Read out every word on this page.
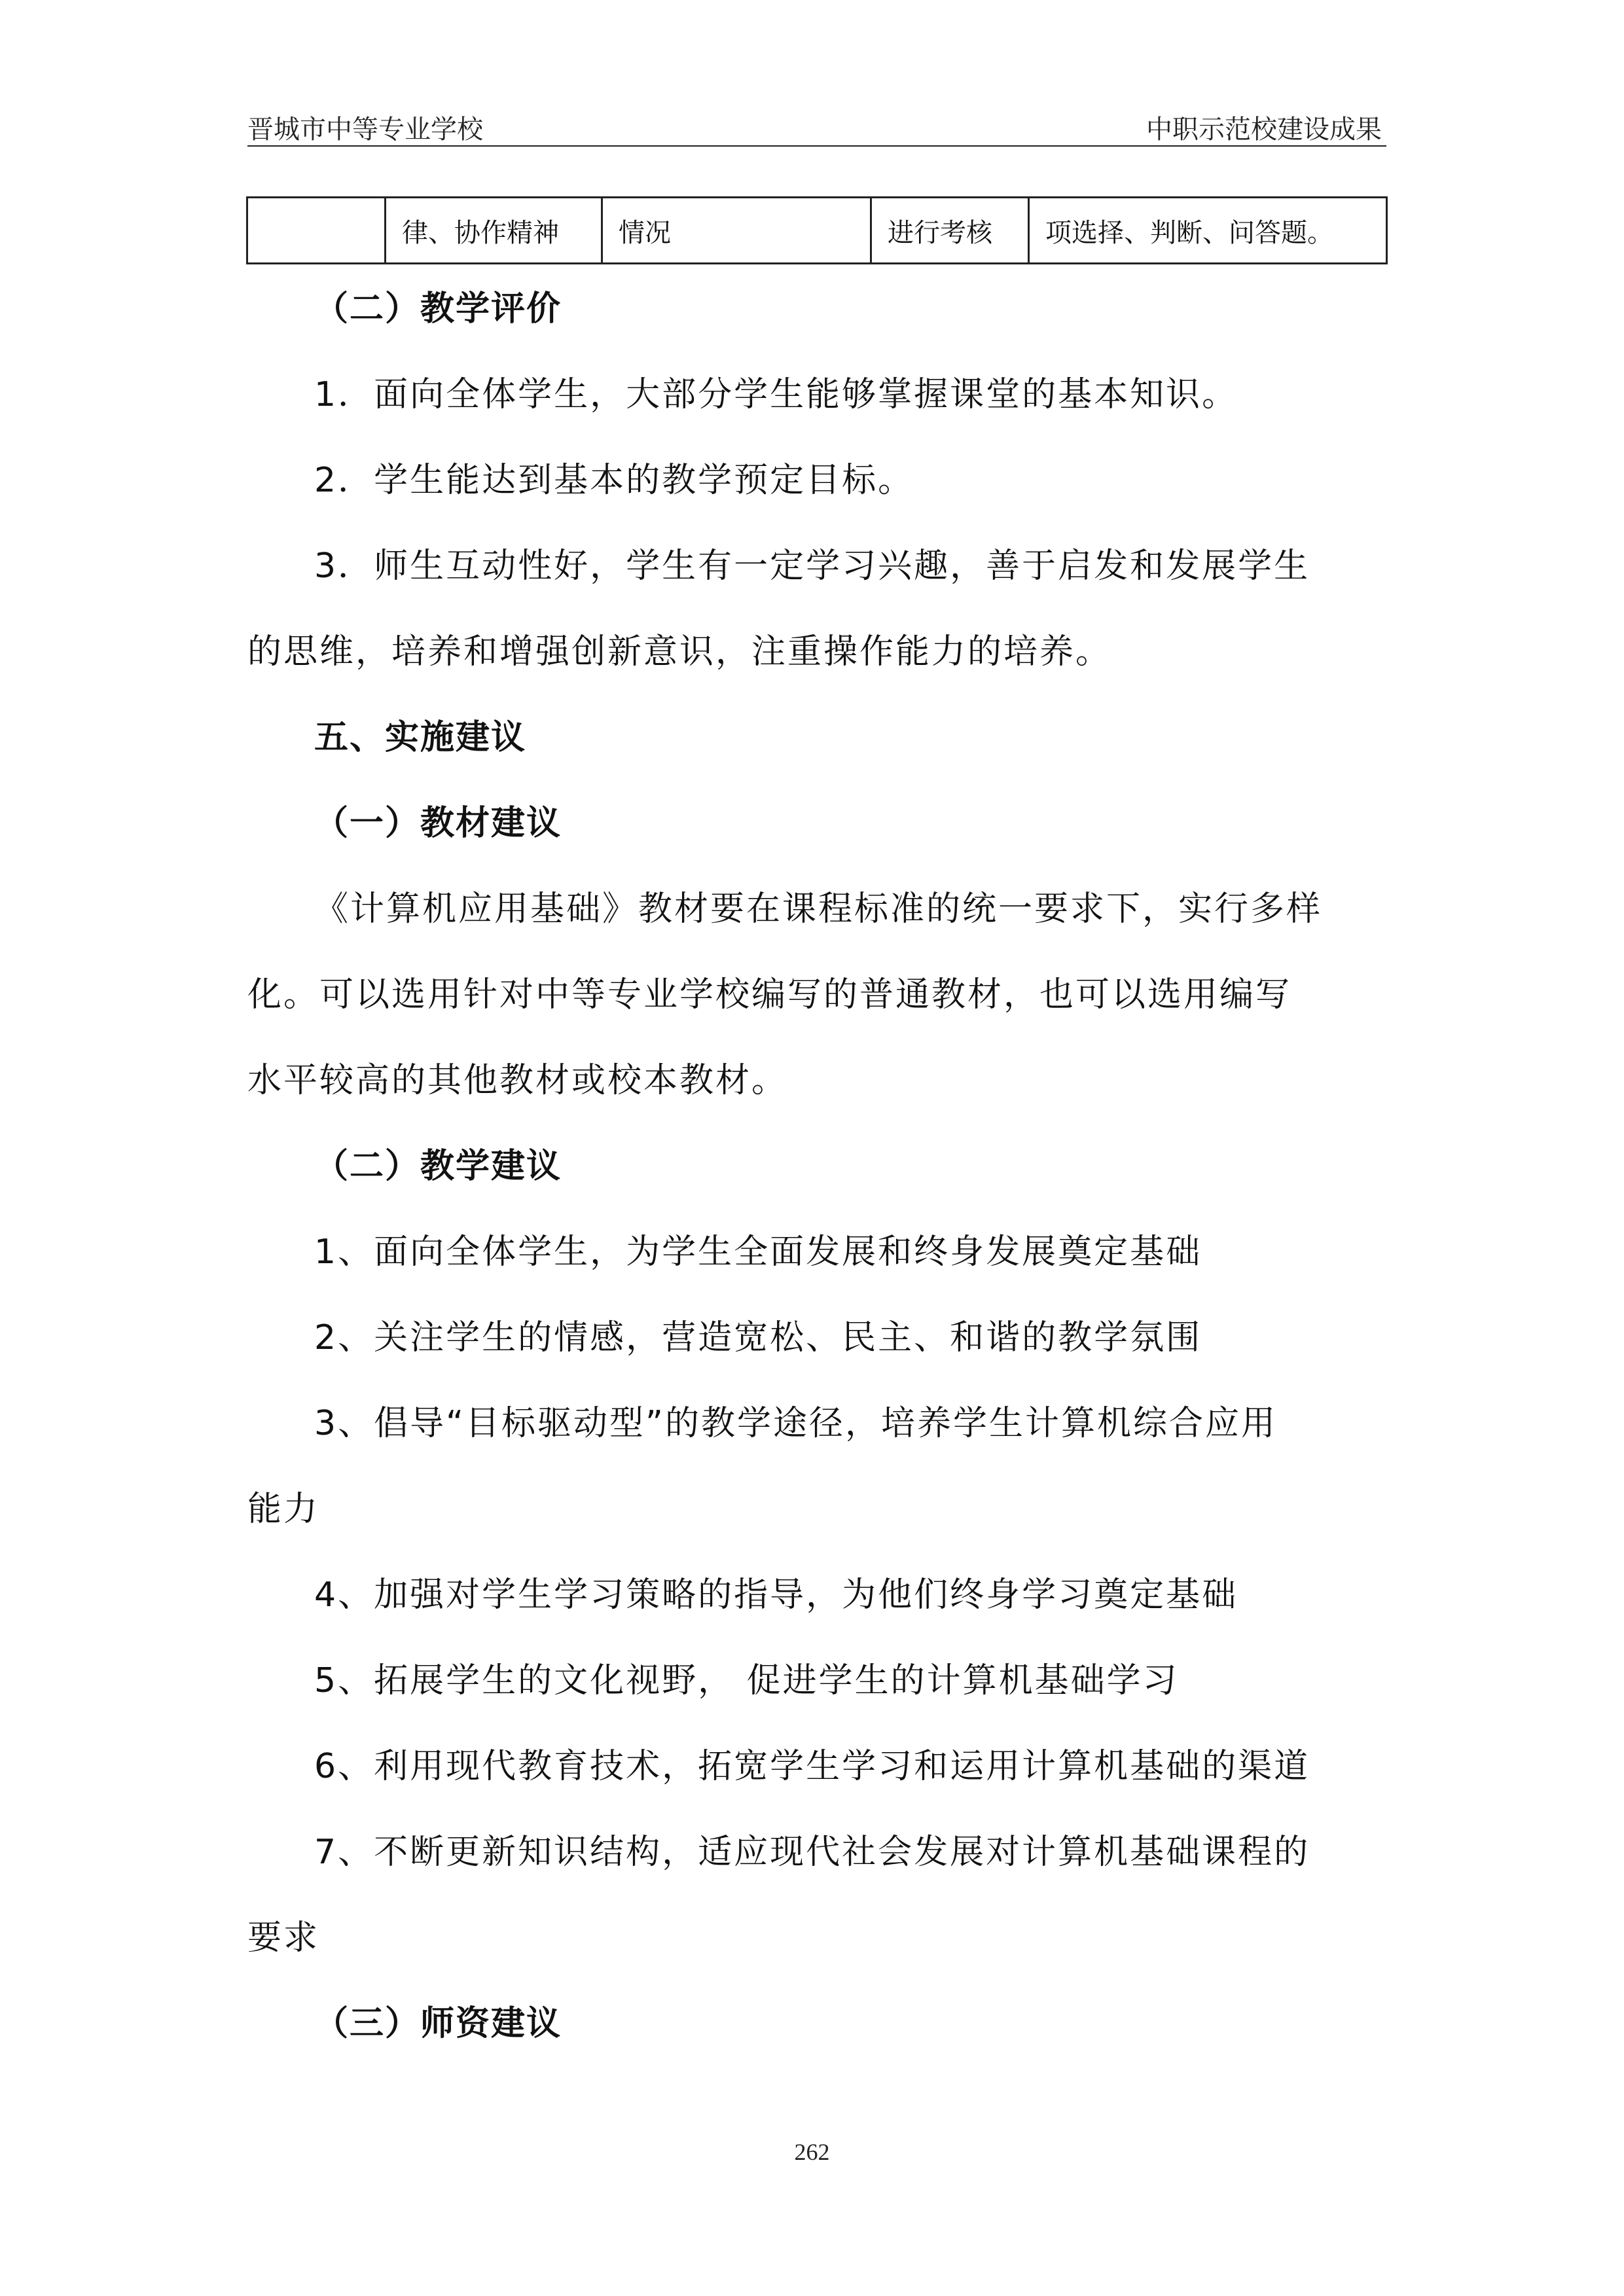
晋城市中等专业学校	中职示范校建设成果
	律、协作精神	情况	进行考核	项选择、判断、问答题。
（二）教学评价
1．面向全体学生，大部分学生能够掌握课堂的基本知识。
2．学生能达到基本的教学预定目标。
3．师生互动性好，学生有一定学习兴趣，善于启发和发展学生
的思维，培养和增强创新意识，注重操作能力的培养。
五、实施建议
（一）教材建议
《计算机应用基础》教材要在课程标准的统一要求下，实行多样
化。可以选用针对中等专业学校编写的普通教材，也可以选用编写
水平较高的其他教材或校本教材。
（二）教学建议
1、面向全体学生，为学生全面发展和终身发展奠定基础
2、关注学生的情感，营造宽松、民主、和谐的教学氛围
3、倡导“目标驱动型”的教学途径，培养学生计算机综合应用
能力
4、加强对学生学习策略的指导，为他们终身学习奠定基础
5、拓展学生的文化视野， 促进学生的计算机基础学习
6、利用现代教育技术，拓宽学生学习和运用计算机基础的渠道
7、不断更新知识结构，适应现代社会发展对计算机基础课程的
要求
（三）师资建议
262
